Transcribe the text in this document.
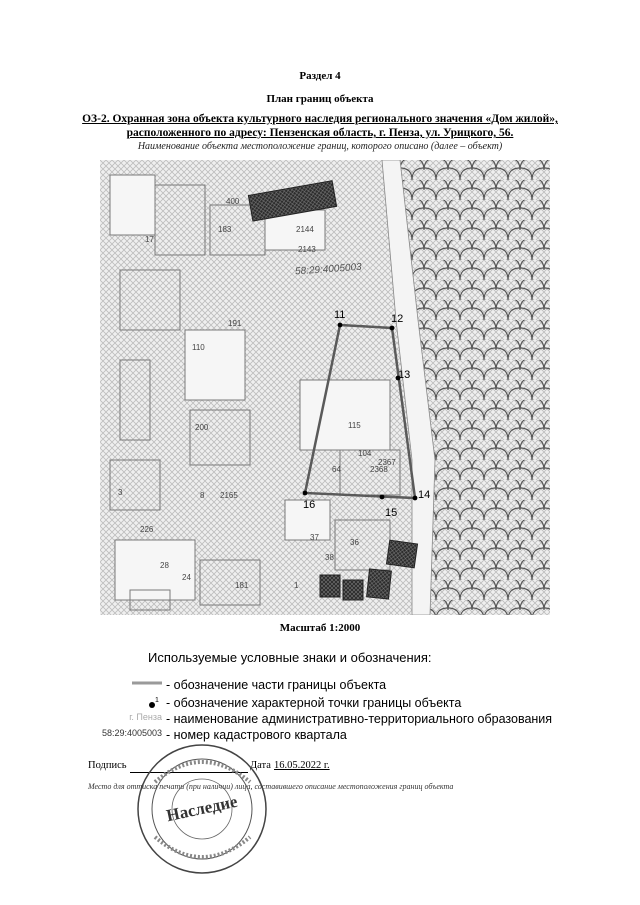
Раздел 4
План границ объекта
ОЗ-2. Охранная зона объекта культурного наследия регионального значения «Дом жилой»,
расположенного по адресу: Пензенская область, г. Пенза, ул. Урицкого, 56.
Наименование объекта местоположение границ, которого описано (далее – объект)
11	12
13
14
15
16
58:29:4005003
400
17
183	2144
2143
191
110
200	115
104
64	2368
3
37
36
8 2165
28
24
181
226
2367
38
1
Масштаб 1:2000
Используемые условные знаки и обозначения:
- обозначение части границы объекта
1 - обозначение характерной точки границы объекта
г. Пенза - наименование административно-территориального образования
58:29:4005003 - номер кадастрового квартала
Подпись	Дата 16.05.2022 г.
Место для оттиска печати (при наличии) лица, составившего описание местоположения границ объекта
Наследие
